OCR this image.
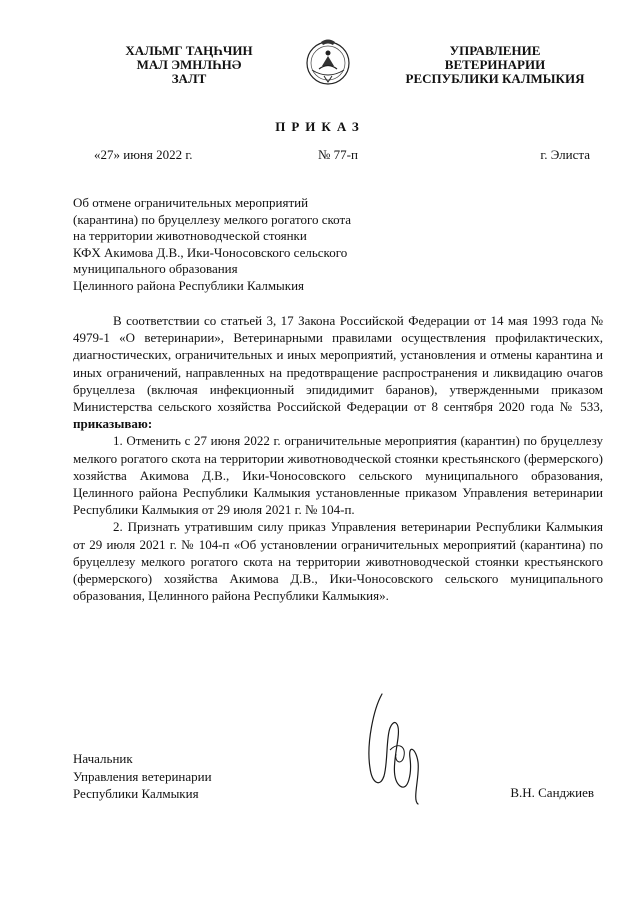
ХАЛЬМГ ТАҢҺЧИН
МАЛ ЭМНЛҺНӘ
ЗАЛТ
УПРАВЛЕНИЕ
ВЕТЕРИНАРИИ
РЕСПУБЛИКИ КАЛМЫКИЯ
ПРИКАЗ
«27» июня 2022 г.	№ 77-п	г. Элиста
Об отмене ограничительных мероприятий
(карантина) по бруцеллезу мелкого рогатого скота
на территории животноводческой стоянки
КФХ Акимова Д.В., Ики-Чоносовского сельского
муниципального образования
Целинного района Республики Калмыкия

В соответствии со статьей 3, 17 Закона Российской Федерации от 14 мая 1993 года № 4979-1 «О ветеринарии», Ветеринарными правилами осуществления профилактических, диагностических, ограничительных и иных мероприятий, установления и отмены карантина и иных ограничений, направленных на предотвращение распространения и ликвидацию очагов бруцеллеза (включая инфекционный эпидидимит баранов), утвержденными приказом Министерства сельского хозяйства Российской Федерации от 8 сентября 2020 года № 533, приказываю:

1. Отменить с 27 июня 2022 г. ограничительные мероприятия (карантин) по бруцеллезу мелкого рогатого скота на территории животноводческой стоянки крестьянского (фермерского) хозяйства Акимова Д.В., Ики-Чоносовского сельского муниципального образования, Целинного района Республики Калмыкия установленные приказом Управления ветеринарии Республики Калмыкия от 29 июля 2021 г. № 104-п.

2. Признать утратившим силу приказ Управления ветеринарии Республики Калмыкия от 29 июля 2021 г. № 104-п «Об установлении ограничительных мероприятий (карантина) по бруцеллезу мелкого рогатого скота на территории животноводческой стоянки крестьянского (фермерского) хозяйства Акимова Д.В., Ики-Чоносовского сельского муниципального образования, Целинного района Республики Калмыкия».

Начальник
Управления ветеринарии
Республики Калмыкия	В.Н. Санджиев
